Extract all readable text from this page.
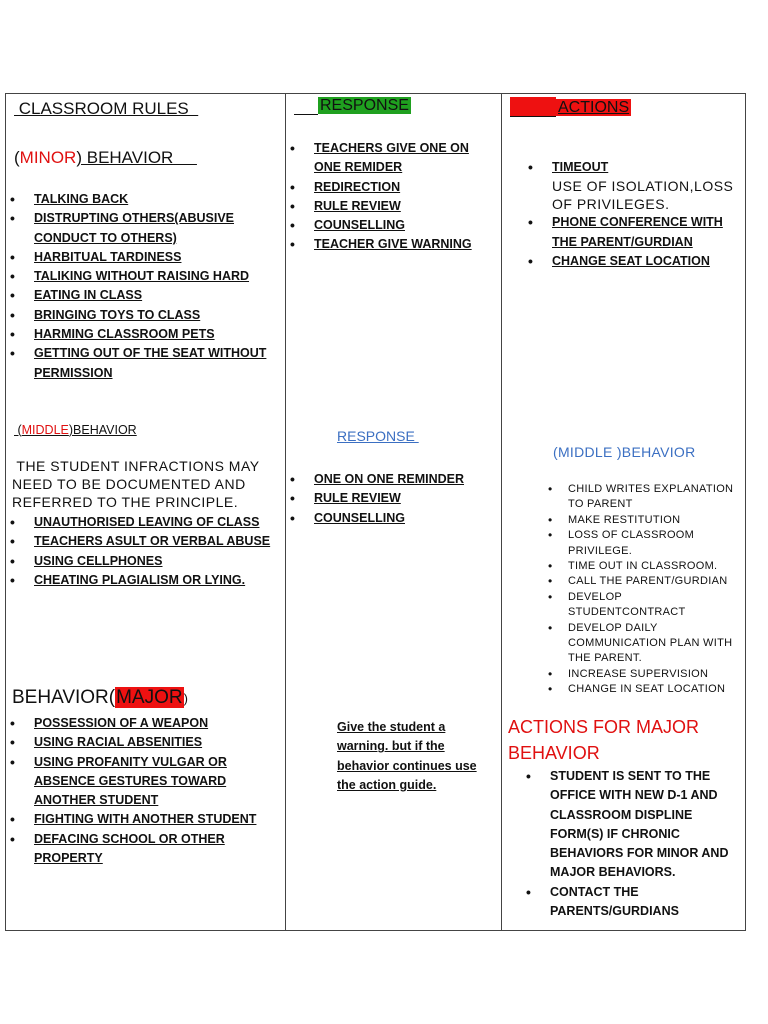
CLASSROOM RULES
(MINOR) BEHAVIOR
• TALKING BACK
• DISTRUPTING OTHERS(ABUSIVE CONDUCT TO OTHERS)
• HARBITUAL TARDINESS
• TALIKING WITHOUT RAISING HARD
• EATING IN CLASS
• BRINGING TOYS TO CLASS
• HARMING CLASSROOM PETS
• GETTING OUT OF THE SEAT WITHOUT PERMISSION
(MIDDLE)BEHAVIOR
THE STUDENT INFRACTIONS MAY NEED TO BE DOCUMENTED AND REFERRED TO THE PRINCIPLE.
• UNAUTHORISED LEAVING OF CLASS
• TEACHERS ASULT OR VERBAL ABUSE
• USING CELLPHONES
• CHEATING PLAGIALISM OR LYING.
BEHAVIOR(MAJOR)
• POSSESSION OF A WEAPON
• USING RACIAL ABSENITIES
• USING PROFANITY VULGAR OR ABSENCE GESTURES TOWARD ANOTHER STUDENT
• FIGHTING WITH ANOTHER STUDENT
• DEFACING SCHOOL OR OTHER PROPERTY
RESPONSE
• TEACHERS GIVE ONE ON ONE REMIDER
• REDIRECTION
• RULE REVIEW
• COUNSELLING
• TEACHER GIVE WARNING
RESPONSE
• ONE ON ONE REMINDER
• RULE REVIEW
• COUNSELLING
Give the student a warning. but if the behavior continues use the action guide.
ACTIONS
• TIMEOUT
USE OF ISOLATION,LOSS OF PRIVILEGES.
• PHONE CONFERENCE WITH THE PARENT/GURDIAN
• CHANGE SEAT LOCATION
(MIDDLE )BEHAVIOR
• CHILD WRITES EXPLANATION TO PARENT
• MAKE RESTITUTION
• LOSS OF CLASSROOM PRIVILEGE.
• TIME OUT IN CLASSROOM.
• CALL THE PARENT/GURDIAN
• DEVELOP STUDENTCONTRACT
• DEVELOP DAILY COMMUNICATION PLAN WITH THE PARENT.
• INCREASE SUPERVISION
• CHANGE IN SEAT LOCATION
ACTIONS FOR MAJOR BEHAVIOR
• STUDENT IS SENT TO THE OFFICE WITH NEW D-1 AND CLASSROOM DISPLINE FORM(S) IF CHRONIC BEHAVIORS FOR MINOR AND MAJOR BEHAVIORS.
• CONTACT THE PARENTS/GURDIANS
